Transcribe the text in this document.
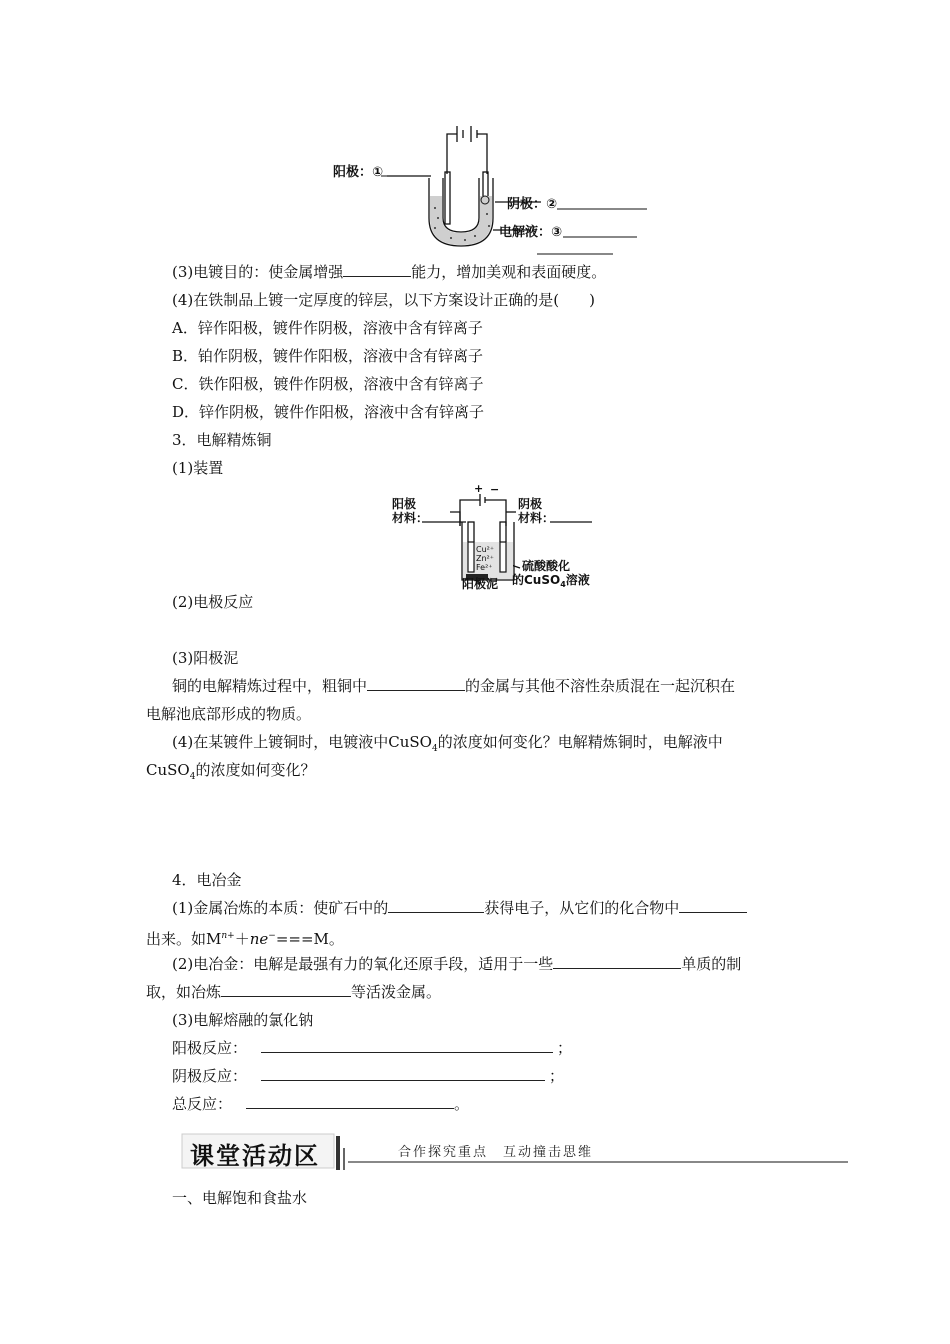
阳极：①
阴极：②
电解液：③
(3)电镀目的：使金属增强	能力，增加美观和表面硬度。
(4)在铁制品上镀一定厚度的锌层，以下方案设计正确的是(　　)
A．锌作阳极，镀件作阴极，溶液中含有锌离子
B．铂作阴极，镀件作阳极，溶液中含有锌离子
C．铁作阳极，镀件作阴极，溶液中含有锌离子
D．锌作阴极，镀件作阳极，溶液中含有锌离子
3．电解精炼铜
(1)装置
+ −
阳极
材料：
阴极
材料：
Cu²⁺
Zn²⁺
Fe²⁺
阳极泥
硫酸酸化
的CuSO$_4$溶液
(2)电极反应
(3)阳极泥
铜的电解精炼过程中，粗铜中	的金属与其他不溶性杂质混在一起沉积在
电解池底部形成的物质。
(4)在某镀件上镀铜时，电镀液中CuSO$_4$的浓度如何变化？电解精炼铜时，电解液中
CuSO$_4$的浓度如何变化？
4．电冶金
(1)金属冶炼的本质：使矿石中的	获得电子，从它们的化合物中
出来。如$M^{n+}+ne^-===M$。
(2)电冶金：电解是最强有力的氧化还原手段，适用于一些	单质的制
取，如冶炼	等活泼金属。
(3)电解熔融的氯化钠
阳极反应：	；
阴极反应：	；
总反应：	。
课堂活动区	合作探究重点　互动撞击思维
一、电解饱和食盐水
